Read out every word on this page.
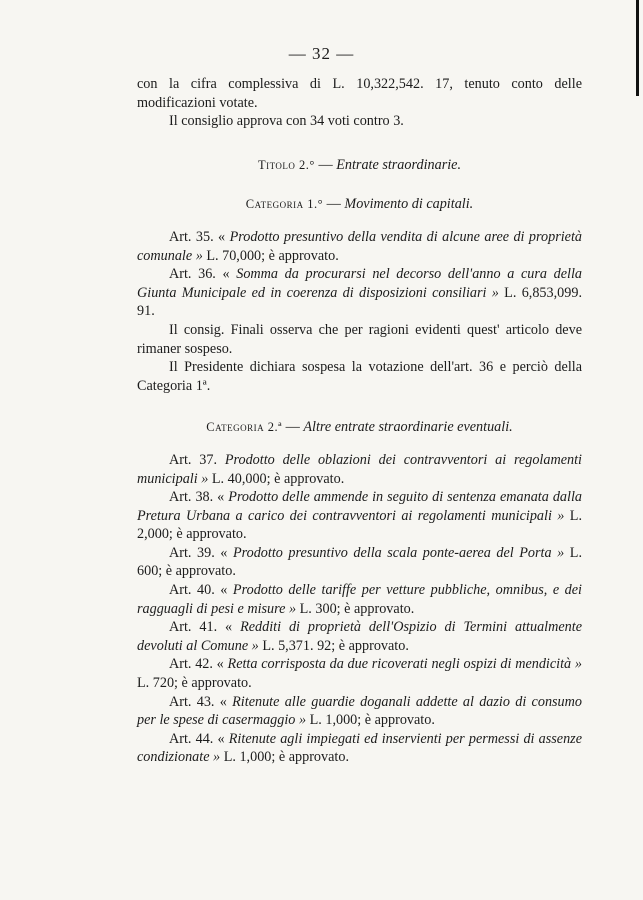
— 32 —

con la cifra complessiva di L. 10,322,542. 17, tenuto conto delle modificazioni votate.

Il consiglio approva con 34 voti contro 3.

Titolo 2.° — Entrate straordinarie.

Categoria 1.° — Movimento di capitali.

Art. 35. « Prodotto presuntivo della vendita di alcune aree di proprietà comunale » L. 70,000; è approvato.

Art. 36. « Somma da procurarsi nel decorso dell'anno a cura della Giunta Municipale ed in coerenza di disposizioni consiliari » L. 6,853,099. 91.

Il consig. Finali osserva che per ragioni evidenti quest' articolo deve rimaner sospeso.

Il Presidente dichiara sospesa la votazione dell'art. 36 e perciò della Categoria 1ª.

Categoria 2.ª — Altre entrate straordinarie eventuali.

Art. 37. Prodotto delle oblazioni dei contravventori ai regolamenti municipali » L. 40,000; è approvato.

Art. 38. « Prodotto delle ammende in seguito di sentenza emanata dalla Pretura Urbana a carico dei contravventori ai regolamenti municipali » L. 2,000; è approvato.

Art. 39. « Prodotto presuntivo della scala ponte-aerea del Porta » L. 600; è approvato.

Art. 40. « Prodotto delle tariffe per vetture pubbliche, omnibus, e dei ragguagli di pesi e misure » L. 300; è approvato.

Art. 41. « Redditi di proprietà dell'Ospizio di Termini attualmente devoluti al Comune » L. 5,371. 92; è approvato.

Art. 42. « Retta corrisposta da due ricoverati negli ospizi di mendicità » L. 720; è approvato.

Art. 43. « Ritenute alle guardie doganali addette al dazio di consumo per le spese di casermaggio » L. 1,000; è approvato.

Art. 44. « Ritenute agli impiegati ed inservienti per permessi di assenze condizionate » L. 1,000; è approvato.
